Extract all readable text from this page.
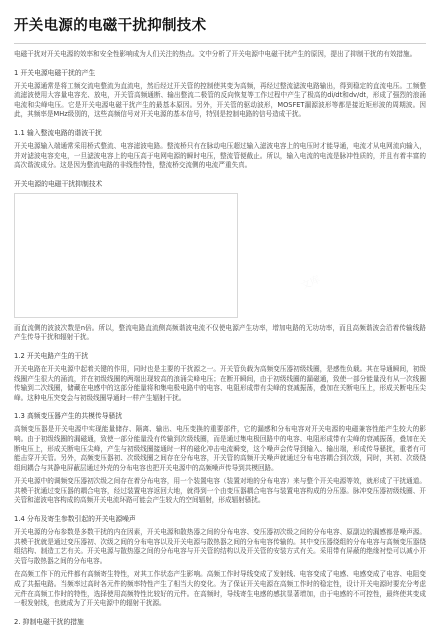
开关电源的电磁干扰抑制技术

电磁干扰对开关电源的效率和安全性影响成为人们关注的热点。文中分析了开关电源中电磁干扰产生的原因，提出了抑制干扰的有效措施。

1 开关电源电磁干扰的产生

开关电源通常是将工频交流电整流为直流电，然后经过开关管的控制使其变为高频，再经过整流滤波电路输出，得到稳定的直流电压。工频整流滤波使用大容量电容充、放电，开关管高频通断、输出整流二极管的反向恢复等工作过程中产生了极高的di/dt和dv/dt，形成了强烈的浪涌电流和尖峰电压。它是开关电源电磁干扰产生的最基本原因。另外，开关管的驱动波形，MOSFET漏源波形等都是接近矩形波的周期波。因此，其频率是MHz级别的，这些高频信号对开关电源的基本信号，特别是控制电路的信号造成干扰。

1.1 输入整流电路的谐波干扰

开关电源输入端通常采用桥式整流、电容滤波电路。整流桥只有在脉动电压超过输入滤波电容上的电压时才能导通，电流才从电网流向输入，并对滤波电容充电，一旦滤波电容上的电压高于电网电源的瞬时电压，整流管便截止。所以，输入电流的电流是脉冲性质的，并且有着丰富的高次谐波成分。这是因为整流电路的非线性特性，整流桥交流侧的电流严重失真。

开关电源的电磁干扰抑制技术

而直流侧的波波次数是n倍。所以，整流电路直流侧高频谐波电流不仅使电源产生功率，增加电路的无功功率，而且高频谐波会沿着传输线路产生传导干扰和辐射干扰。

1.2 开关电路产生的干扰

开关电路在开关电源中起着关键的作用，同时也是主要的干扰源之一。开关管负载为高频变压器初级线圈，是感性负载。其在导通瞬间，初级线圈产生很大的涌流，并在初级线圈的两端出现较高的浪涌尖峰电压；在断开瞬间，由于初级线圈的漏磁通，致使一部分能量没有从一次线圈传输到二次线圈，储藏在电感中的这部分能量将和集电极电路中的电容、电阻形成带有尖峰的衰减振荡，叠加在关断电压上，形成关断电压尖峰。这种电压突变会与初级线圈导通时一样产生辐射干扰。

1.3 高频变压器产生的共模传导骚扰

高频变压器是开关电源中实现能量储存、隔离、输出、电压变换的重要部件，它的漏感和分布电容对开关电源的电磁兼容性能产生较大的影响。由于初级线圈的漏磁通，致使一部分能量没有传输到次级线圈，而是通过集电极回路中的电容、电阻形成带有尖峰的衰减振荡，叠加在关断电压上，形成关断电压尖峰，产生与初级线圈接通时一样的磁化冲击电流瞬变，这个噪声会传导到输入、输出端，形成传导骚扰，重者有可能击穿开关管。另外，高频变压器初、次级线圈之间存在分布电容，开关管的高频开关噪声就通过分布电容耦合到次级，同时，其初、次级绕组间耦合与其静电屏蔽层通过外壳的分布电容也把开关电源中的高频噪声传导到共模回路。

开关电源中的调频变压器初次级之间存在着分布电容，用一个装置电容（装置对地的分布电容）来与整个开关电源等效，就形成了干扰通道。共模干扰通过变压器的耦合电容，经过装置电容返回大地，就得到一个由变压器耦合电容与装置电容构成的分压器。脉冲变压器初级线圈、开关管和滤波电容构成的高频开关电流环路可能会产生较大的空间辐射，形成辐射骚扰。

1.4 分布及寄生参数引起的开关电源噪声

开关电源的分布参数是多数干扰的内在因素，开关电源和散热器之间的分布电容、变压器初次级之间的分布电容、原副边的漏感都是噪声源。共模干扰就是通过变压器初、次级之间的分布电容以及开关电源与散热器之间的分布电容传输的。其中变压器绕组的分布电容与高频变压器绕组结构、制造工艺有关。开关电源与散热器之间的分布电容与开关管的结构以及开关管的安装方式有关。采用带有屏蔽的绝缘衬垫可以减小开关管与散热器之间的分布电容。

在高频工作下的元件都有高频寄生特性，对其工作状态产生影响。高频工作时导线变成了发射线、电容变成了电感、电感变成了电容、电阻变成了共振电路。当频率过高时各元件的频率特性产生了相当大的变化。为了保证开关电源在高频工作时的稳定性，设计开关电源时要充分考虑元件在高频工作时的特性，选择使用高频特性比较好的元件。在高频时，导线寄生电感的感抗显著增加，由于电感的不可控性，最终使其变成一根发射线，也就成为了开关电源中的辐射干扰源。

2. 抑制电磁干扰的措施
